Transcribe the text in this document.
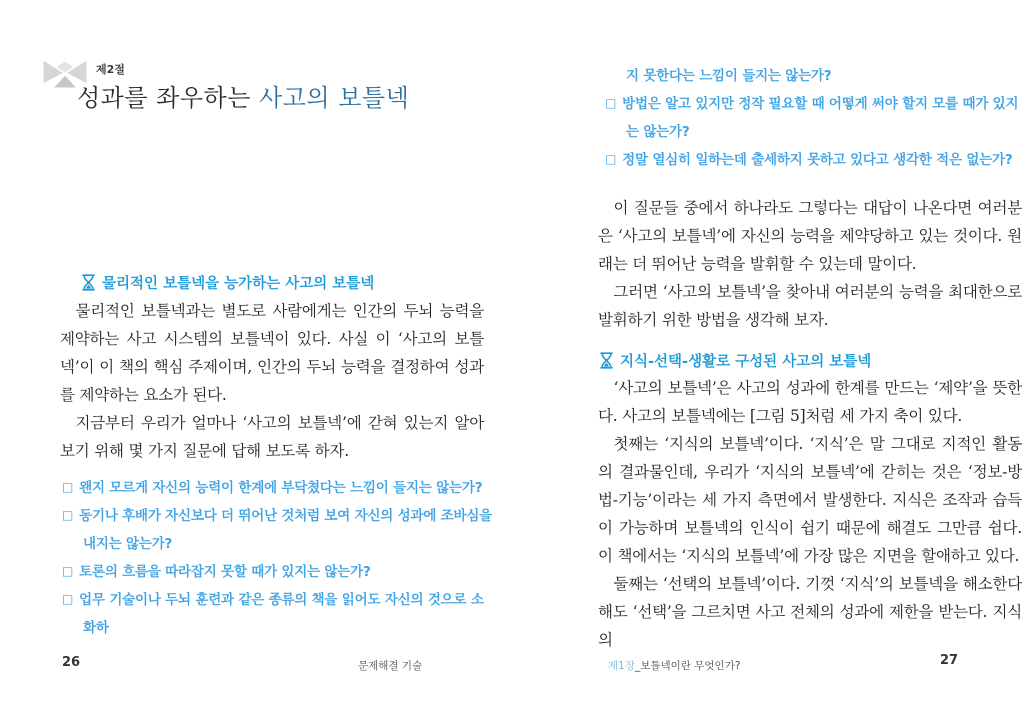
제2절
성과를 좌우하는 사고의 보틀넥
물리적인 보틀넥을 능가하는 사고의 보틀넥

물리적인 보틀넥과는 별도로 사람에게는 인간의 두뇌 능력을 제약하는 사고 시스템의 보틀넥이 있다. 사실 이 ‘사고의 보틀넥’이 이 책의 핵심 주제이며, 인간의 두뇌 능력을 결정하여 성과를 제약하는 요소가 된다.

지금부터 우리가 얼마나 ‘사고의 보틀넥’에 갇혀 있는지 알아보기 위해 몇 가지 질문에 답해 보도록 하자.

□ 왠지 모르게 자신의 능력이 한계에 부닥쳤다는 느낌이 들지는 않는가?
□ 동기나 후배가 자신보다 더 뛰어난 것처럼 보여 자신의 성과에 조바심을 내지는 않는가?
□ 토론의 흐름을 따라잡지 못할 때가 있지는 않는가?
□ 업무 기술이나 두뇌 훈련과 같은 종류의 책을 읽어도 자신의 것으로 소화하
26	문제해결 기술
지 못한다는 느낌이 들지는 않는가?
□ 방법은 알고 있지만 정작 필요할 때 어떻게 써야 할지 모를 때가 있지는 않는가?
□ 정말 열심히 일하는데 출세하지 못하고 있다고 생각한 적은 없는가?

이 질문들 중에서 하나라도 그렇다는 대답이 나온다면 여러분은 ‘사고의 보틀넥’에 자신의 능력을 제약당하고 있는 것이다. 원래는 더 뛰어난 능력을 발휘할 수 있는데 말이다.

그러면 ‘사고의 보틀넥’을 찾아내 여러분의 능력을 최대한으로 발휘하기 위한 방법을 생각해 보자.

지식-선택-생활로 구성된 사고의 보틀넥

‘사고의 보틀넥’은 사고의 성과에 한계를 만드는 ‘제약’을 뜻한다. 사고의 보틀넥에는 [그림 5]처럼 세 가지 축이 있다.

첫째는 ‘지식의 보틀넥’이다. ‘지식’은 말 그대로 지적인 활동의 결과물인데, 우리가 ‘지식의 보틀넥’에 갇히는 것은 ‘정보-방법-기능’이라는 세 가지 측면에서 발생한다. 지식은 조작과 습득이 가능하며 보틀넥의 인식이 쉽기 때문에 해결도 그만큼 쉽다. 이 책에서는 ‘지식의 보틀넥’에 가장 많은 지면을 할애하고 있다.

둘째는 ‘선택의 보틀넥’이다. 기껏 ‘지식’의 보틀넥을 해소한다 해도 ‘선택’을 그르치면 사고 전체의 성과에 제한을 받는다. 지식의

제1장_보틀넥이란 무엇인가?	27
